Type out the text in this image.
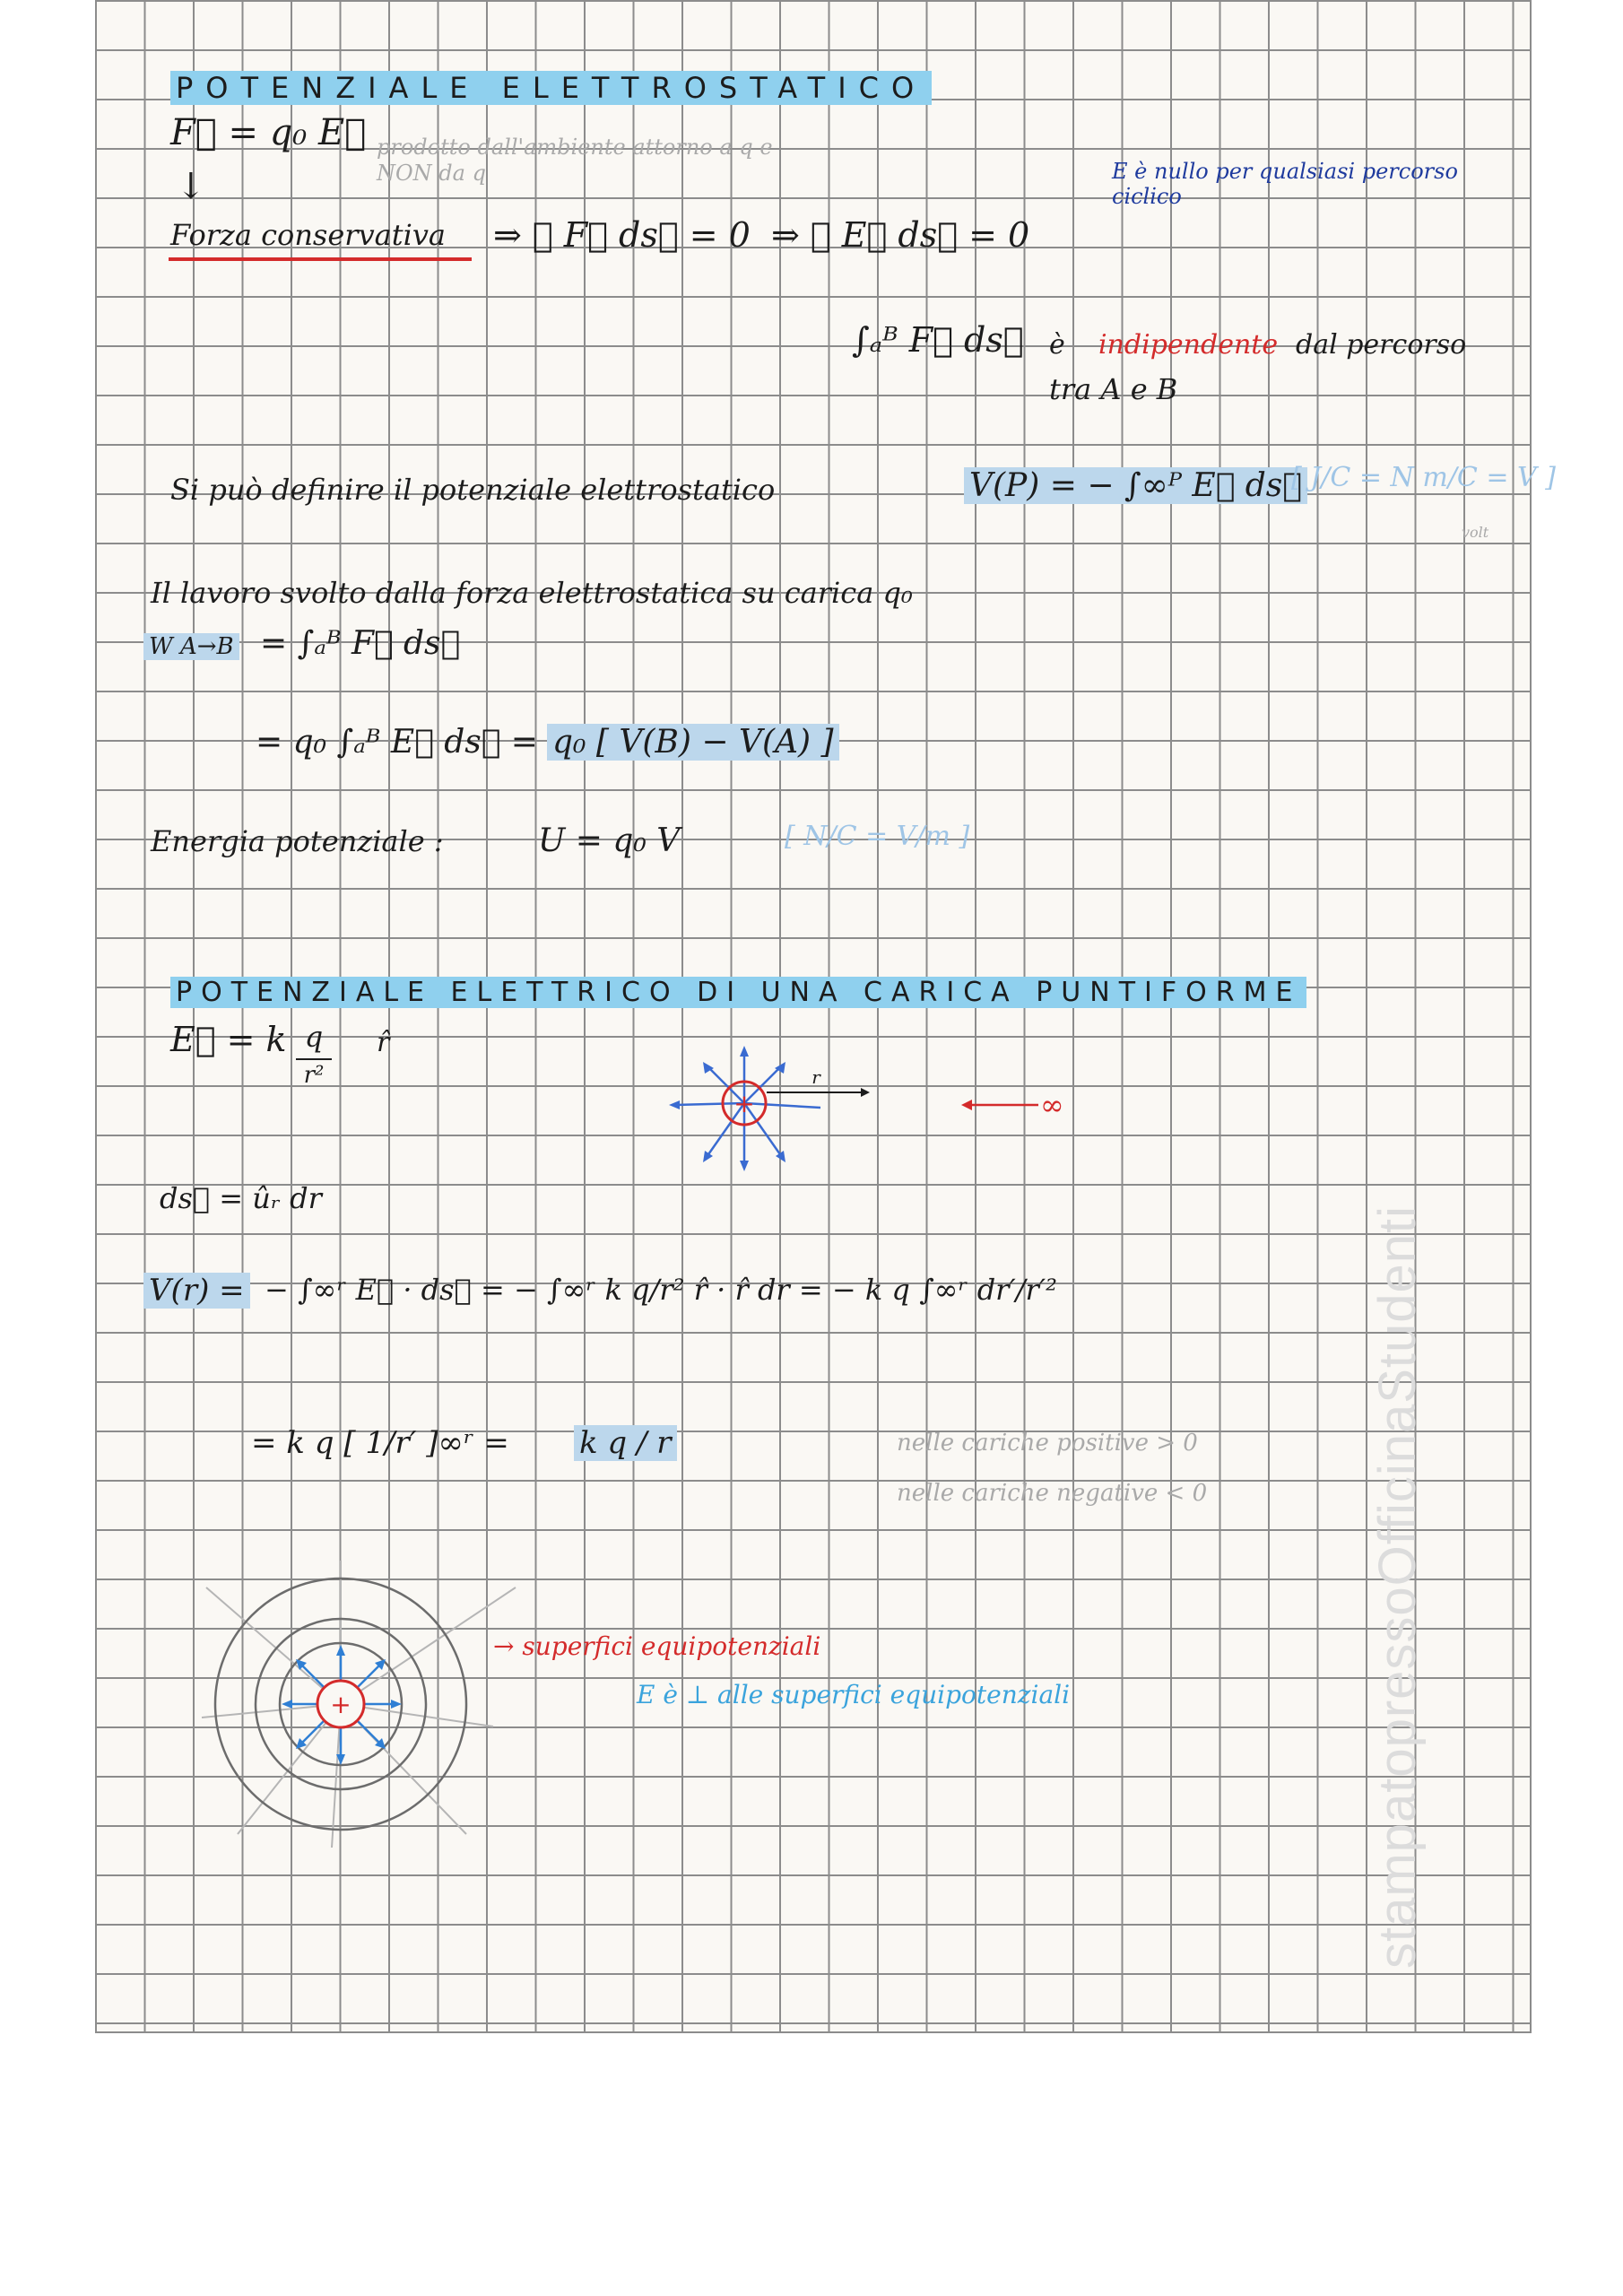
POTENZIALE ELETTROSTATICO
F⃗ = q₀ E⃗ prodotto dall'ambiente attorno a q e NON da q
↓
Forza conservativa ⇒ ∮ F⃗ ds⃗ = 0 ⇒ ∮ E⃗ ds⃗ = 0
E è nullo per qualsiasi percorso ciclico
∫ₐᴮ F⃗ ds⃗ è indipendente dal percorso
tra A e B
Si può definire il potenziale elettrostatico	V(P) = − ∫∞ᴾ E⃗ ds⃗
[ J/C = N m/C = V ]
volt
Il lavoro svolto dalla forza elettrostatica su carica q₀
W A→B = ∫ₐᴮ F⃗ ds⃗
= q₀ ∫ₐᴮ E⃗ ds⃗ = q₀ [ V(B) − V(A) ]
Energia potenziale :	U = q₀ V	[ N/C = V/m ]
POTENZIALE ELETTRICO DI UNA CARICA PUNTIFORME
E⃗ = k q
r²
r̂
+
r
∞
ds⃗ = ûᵣ dr
V(r) = − ∫∞ʳ E⃗ · ds⃗ = − ∫∞ʳ k q/r² r̂ · r̂ dr = − k q ∫∞ʳ dr′/r′²
= k q [ 1/r′ ]∞ʳ = k q / r	nelle cariche positive > 0
nelle cariche negative < 0
+
→ superfici equipotenziali
E è ⊥ alle superfici equipotenziali	stampatopressoOfficinaStudenti
